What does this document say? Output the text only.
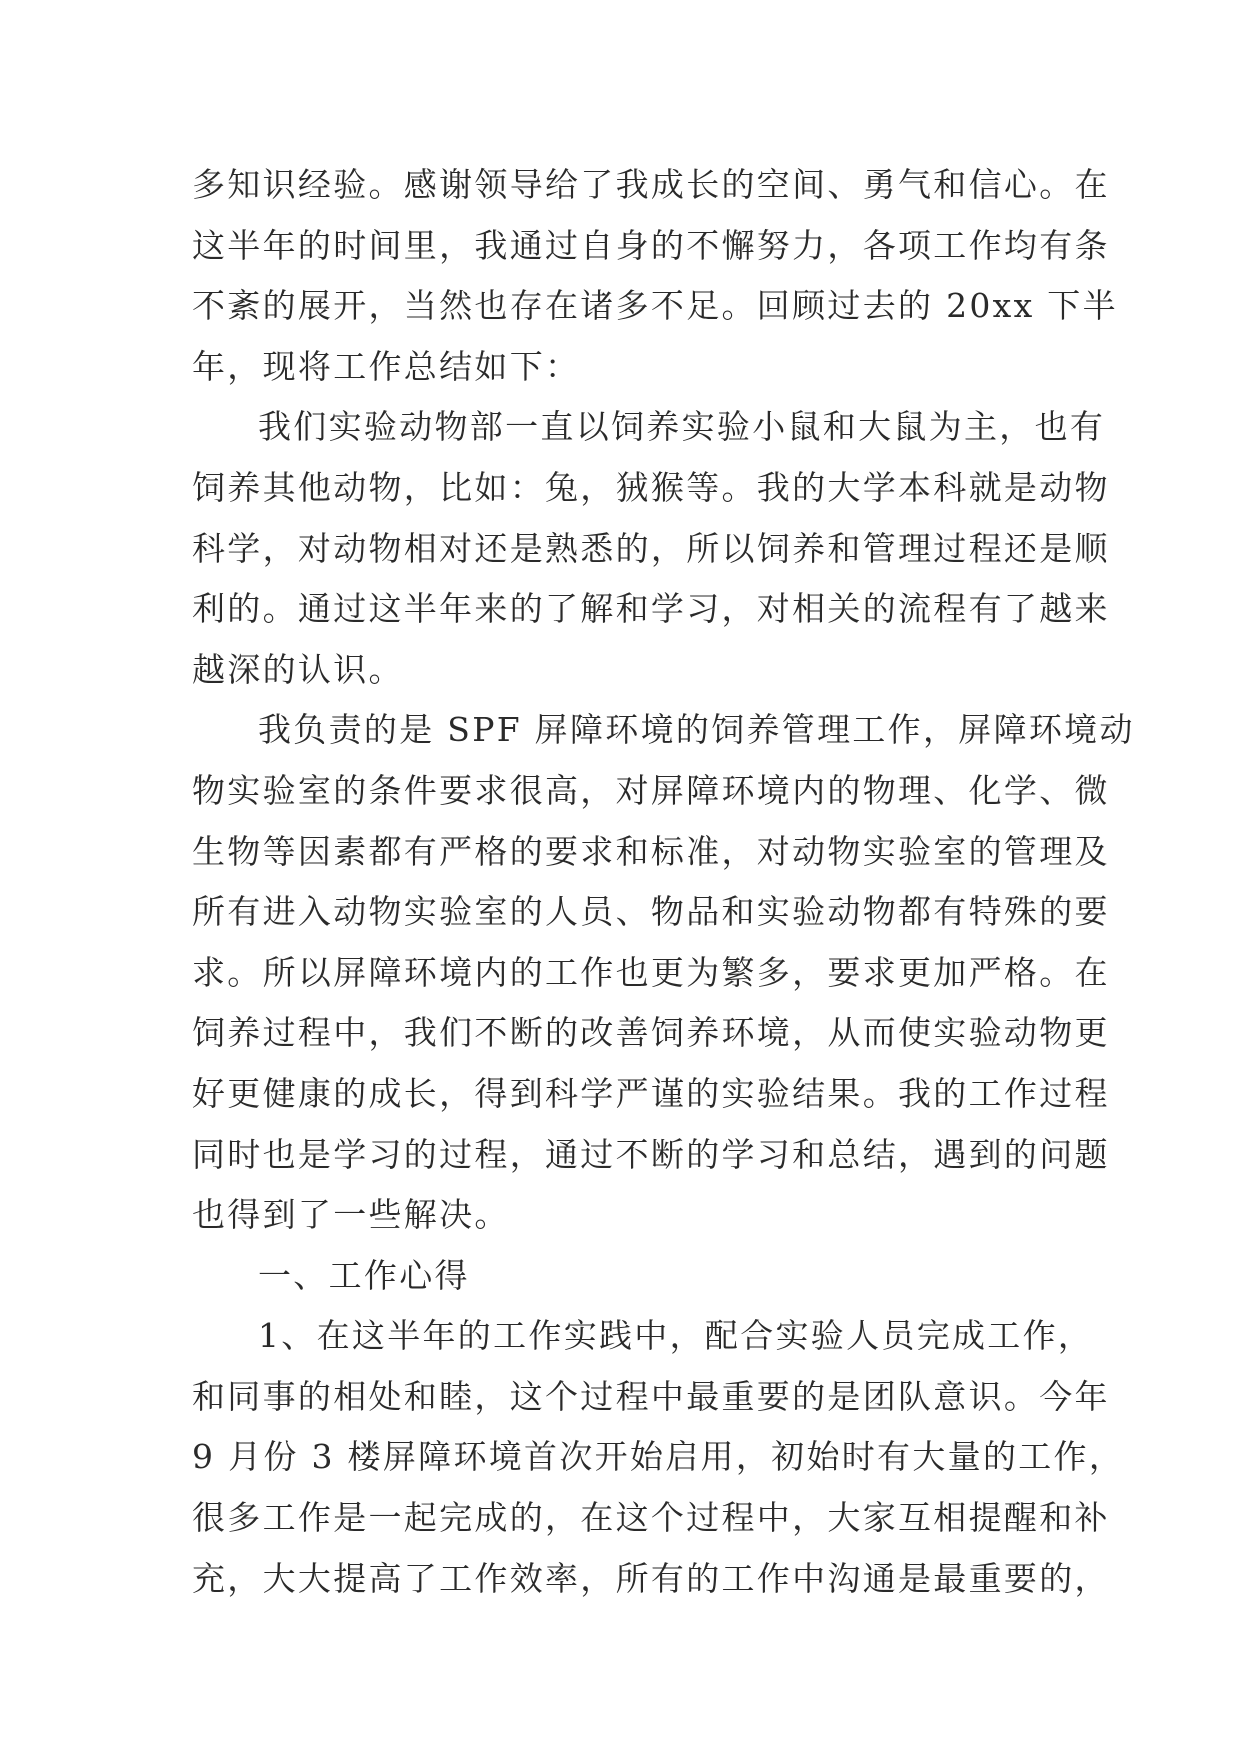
多知识经验。感谢领导给了我成长的空间、勇气和信心。在
这半年的时间里，我通过自身的不懈努力，各项工作均有条
不紊的展开，当然也存在诸多不足。回顾过去的 20xx 下半
年，现将工作总结如下：
我们实验动物部一直以饲养实验小鼠和大鼠为主，也有
饲养其他动物，比如：兔，狨猴等。我的大学本科就是动物
科学，对动物相对还是熟悉的，所以饲养和管理过程还是顺
利的。通过这半年来的了解和学习，对相关的流程有了越来
越深的认识。
我负责的是 SPF 屏障环境的饲养管理工作，屏障环境动
物实验室的条件要求很高，对屏障环境内的物理、化学、微
生物等因素都有严格的要求和标准，对动物实验室的管理及
所有进入动物实验室的人员、物品和实验动物都有特殊的要
求。所以屏障环境内的工作也更为繁多，要求更加严格。在
饲养过程中，我们不断的改善饲养环境，从而使实验动物更
好更健康的成长，得到科学严谨的实验结果。我的工作过程
同时也是学习的过程，通过不断的学习和总结，遇到的问题
也得到了一些解决。
一、工作心得
1、在这半年的工作实践中，配合实验人员完成工作，
和同事的相处和睦，这个过程中最重要的是团队意识。今年
9 月份 3 楼屏障环境首次开始启用，初始时有大量的工作，
很多工作是一起完成的，在这个过程中，大家互相提醒和补
充，大大提高了工作效率，所有的工作中沟通是最重要的，
